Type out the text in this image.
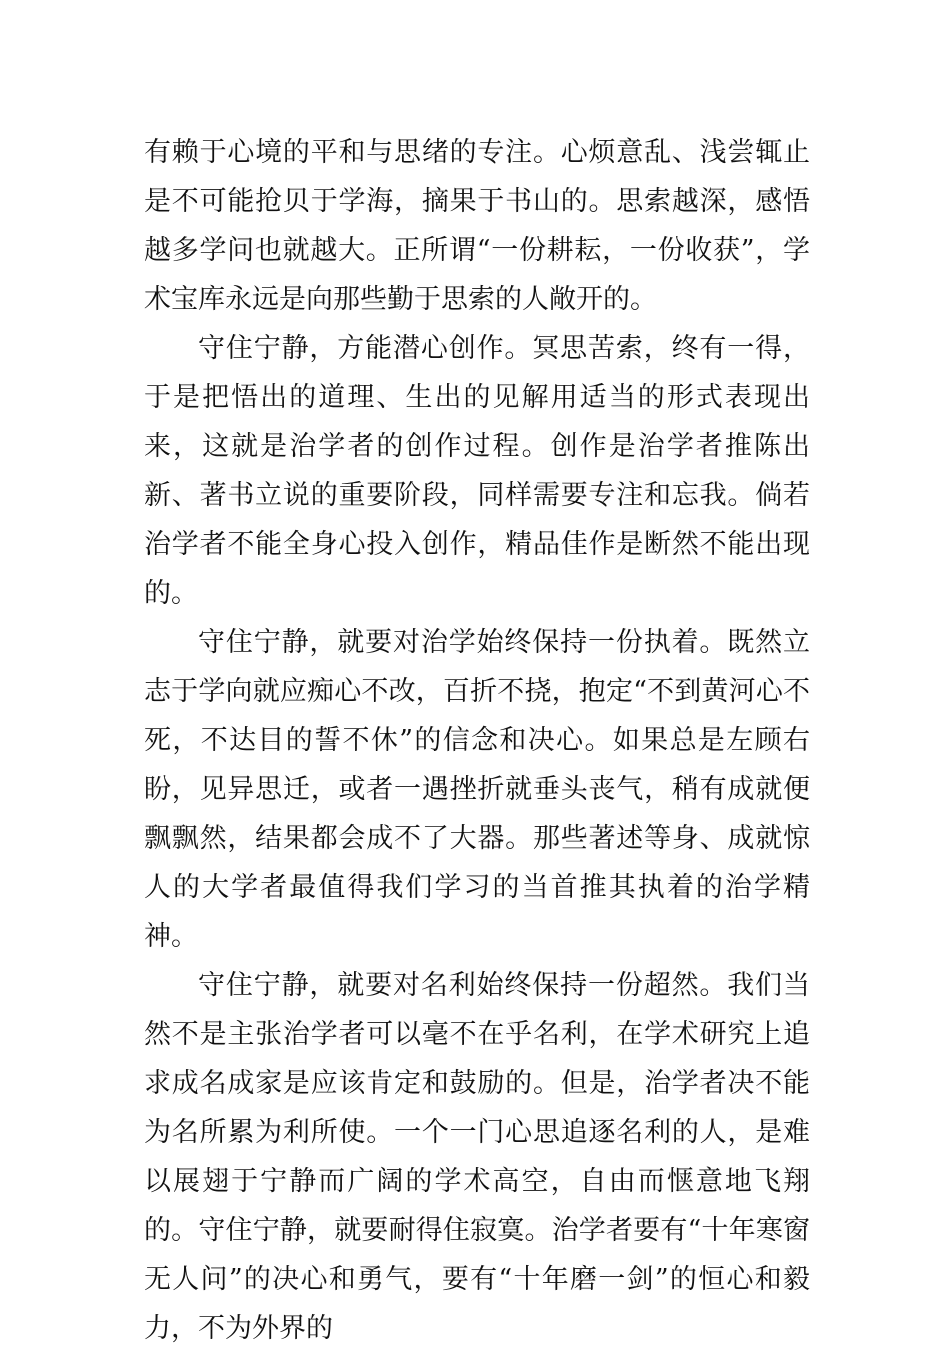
有赖于心境的平和与思绪的专注。心烦意乱、浅尝辄止是不可能抢贝于学海，摘果于书山的。思索越深，感悟越多学问也就越大。正所谓“一份耕耘，一份收获”，学术宝库永远是向那些勤于思索的人敞开的。

守住宁静，方能潜心创作。冥思苦索，终有一得，于是把悟出的道理、生出的见解用适当的形式表现出来，这就是治学者的创作过程。创作是治学者推陈出新、著书立说的重要阶段，同样需要专注和忘我。倘若治学者不能全身心投入创作，精品佳作是断然不能出现的。

守住宁静，就要对治学始终保持一份执着。既然立志于学向就应痴心不改，百折不挠，抱定“不到黄河心不死，不达目的誓不休”的信念和决心。如果总是左顾右盼，见异思迁，或者一遇挫折就垂头丧气，稍有成就便飘飘然，结果都会成不了大器。那些著述等身、成就惊人的大学者最值得我们学习的当首推其执着的治学精神。

守住宁静，就要对名利始终保持一份超然。我们当然不是主张治学者可以毫不在乎名利，在学术研究上追求成名成家是应该肯定和鼓励的。但是，治学者决不能为名所累为利所使。一个一门心思追逐名利的人，是难以展翅于宁静而广阔的学术高空，自由而惬意地飞翔的。守住宁静，就要耐得住寂寞。治学者要有“十年寒窗无人问”的决心和勇气，要有“十年磨一剑”的恒心和毅力，不为外界的
